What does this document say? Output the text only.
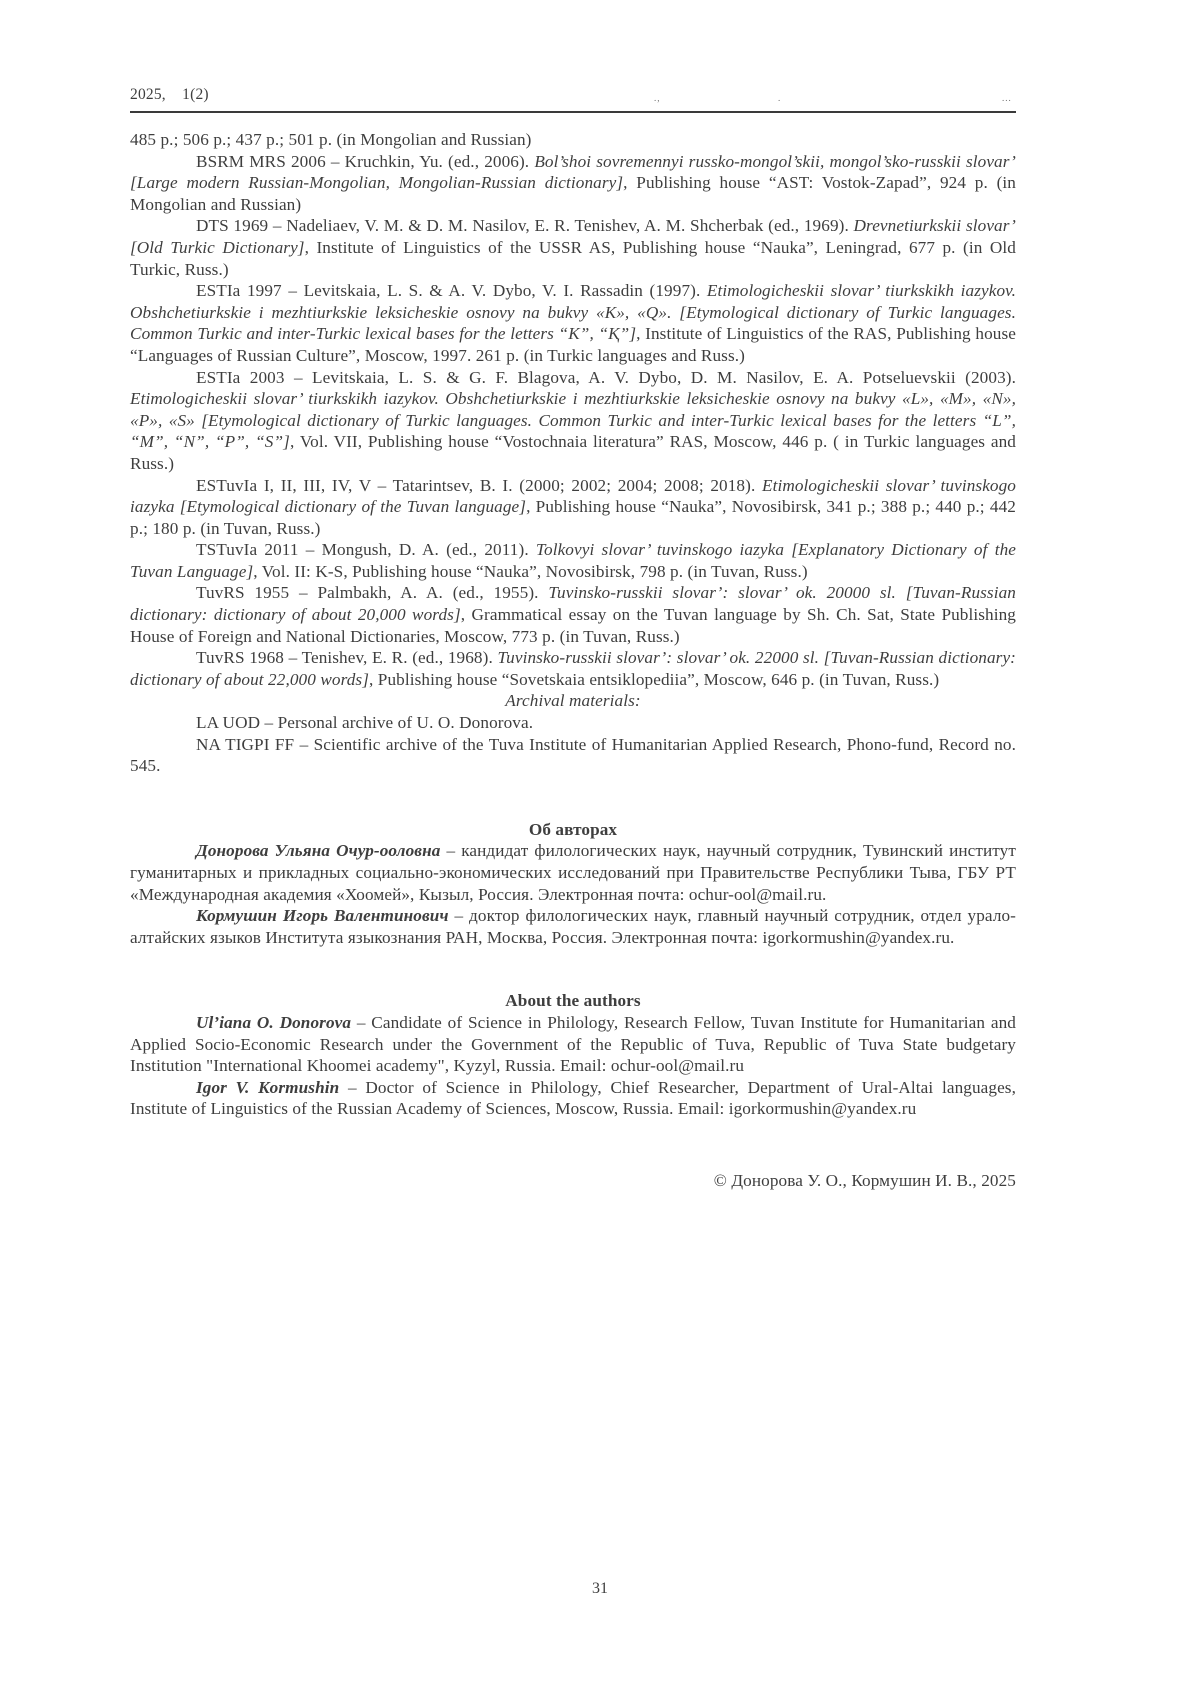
2025,    1(2)	.,	.	...

485 p.; 506 p.; 437 p.; 501 p. (in Mongolian and Russian)

BSRM MRS 2006 – Kruchkin, Yu. (ed., 2006). Bol’shoi sovremennyi russko-mongol’skii, mongol’sko-russkii slovar’ [Large modern Russian-Mongolian, Mongolian-Russian dictionary], Publishing house “AST: Vostok-Zapad”, 924 p. (in Mongolian and Russian)

DTS 1969 – Nadeliaev, V. M. & D. M. Nasilov, E. R. Tenishev, A. M. Shcherbak (ed., 1969). Drevnetiurkskii slovar’ [Old Turkic Dictionary], Institute of Linguistics of the USSR AS, Publishing house “Nauka”, Leningrad, 677 p. (in Old Turkic, Russ.)

ESTIa 1997 – Levitskaia, L. S. & A. V. Dybo, V. I. Rassadin (1997). Etimologicheskii slovar’ tiurkskikh iazykov. Obshchetiurkskie i mezhtiurkskie leksicheskie osnovy na bukvy «К», «Q». [Etymological dictionary of Turkic languages. Common Turkic and inter-Turkic lexical bases for the letters “K”, “Қ”], Institute of Linguistics of the RAS, Publishing house “Languages of Russian Culture”, Moscow, 1997. 261 p. (in Turkic languages and Russ.)

ESTIa 2003 – Levitskaia, L. S. & G. F. Blagova, A. V. Dybo, D. M. Nasilov, E. A. Potseluevskii (2003). Etimologicheskii slovar’ tiurkskikh iazykov. Obshchetiurkskie i mezhtiurkskie leksicheskie osnovy na bukvy «L», «M», «N», «P», «S» [Etymological dictionary of Turkic languages. Common Turkic and inter-Turkic lexical bases for the letters “L”, “M”, “N”, “P”, “S”], Vol. VII, Publishing house “Vostochnaia literatura” RAS, Moscow, 446 p. ( in Turkic languages and Russ.)

ESTuvIa I, II, III, IV, V – Tatarintsev, B. I. (2000; 2002; 2004; 2008; 2018). Etimologicheskii slovar’ tuvinskogo iazyka [Etymological dictionary of the Tuvan language], Publishing house “Nauka”, Novosibirsk, 341 p.; 388 p.; 440 p.; 442 p.; 180 p. (in Tuvan, Russ.)

TSTuvIa 2011 – Mongush, D. A. (ed., 2011). Tolkovyi slovar’ tuvinskogo iazyka [Explanatory Dictionary of the Tuvan Language], Vol. II: K-S, Publishing house “Nauka”, Novosibirsk, 798 p. (in Tuvan, Russ.)

TuvRS 1955 – Palmbakh, A. A. (ed., 1955). Tuvinsko-russkii slovar’: slovar’ ok. 20000 sl. [Tuvan-Russian dictionary: dictionary of about 20,000 words], Grammatical essay on the Tuvan language by Sh. Ch. Sat, State Publishing House of Foreign and National Dictionaries, Moscow, 773 p. (in Tuvan, Russ.)

TuvRS 1968 – Tenishev, E. R. (ed., 1968). Tuvinsko-russkii slovar’: slovar’ ok. 22000 sl. [Tuvan-Russian dictionary: dictionary of about 22,000 words], Publishing house “Sovetskaia entsiklopediia”, Moscow, 646 p. (in Tuvan, Russ.)

Archival materials:

LA UOD – Personal archive of U. O. Donorova.

NA TIGPI FF – Scientific archive of the Tuva Institute of Humanitarian Applied Research, Phono-fund, Record no. 545.

Об авторах

Донорова Ульяна Очур-ооловна – кандидат филологических наук, научный сотрудник, Тувинский институт гуманитарных и прикладных социально-экономических исследований при Правительстве Республики Тыва, ГБУ РТ «Международная академия «Хоомей», Кызыл, Россия. Электронная почта: ochur-ool@mail.ru.

Кормушин Игорь Валентинович – доктор филологических наук, главный научный сотрудник, отдел урало-алтайских языков Института языкознания РАН, Москва, Россия. Электронная почта: igorkormushin@yandex.ru.

About the authors

Ul’iana O. Donorova – Candidate of Science in Philology, Research Fellow, Tuvan Institute for Humanitarian and Applied Socio-Economic Research under the Government of the Republic of Tuva, Republic of Tuva State budgetary Institution "International Khoomei academy", Kyzyl, Russia. Email: ochur-ool@mail.ru

Igor V. Kormushin – Doctor of Science in Philology, Chief Researcher, Department of Ural-Altai languages, Institute of Linguistics of the Russian Academy of Sciences, Moscow, Russia. Email: igorkormushin@yandex.ru

© Донорова У. О., Кормушин И. В., 2025

31
